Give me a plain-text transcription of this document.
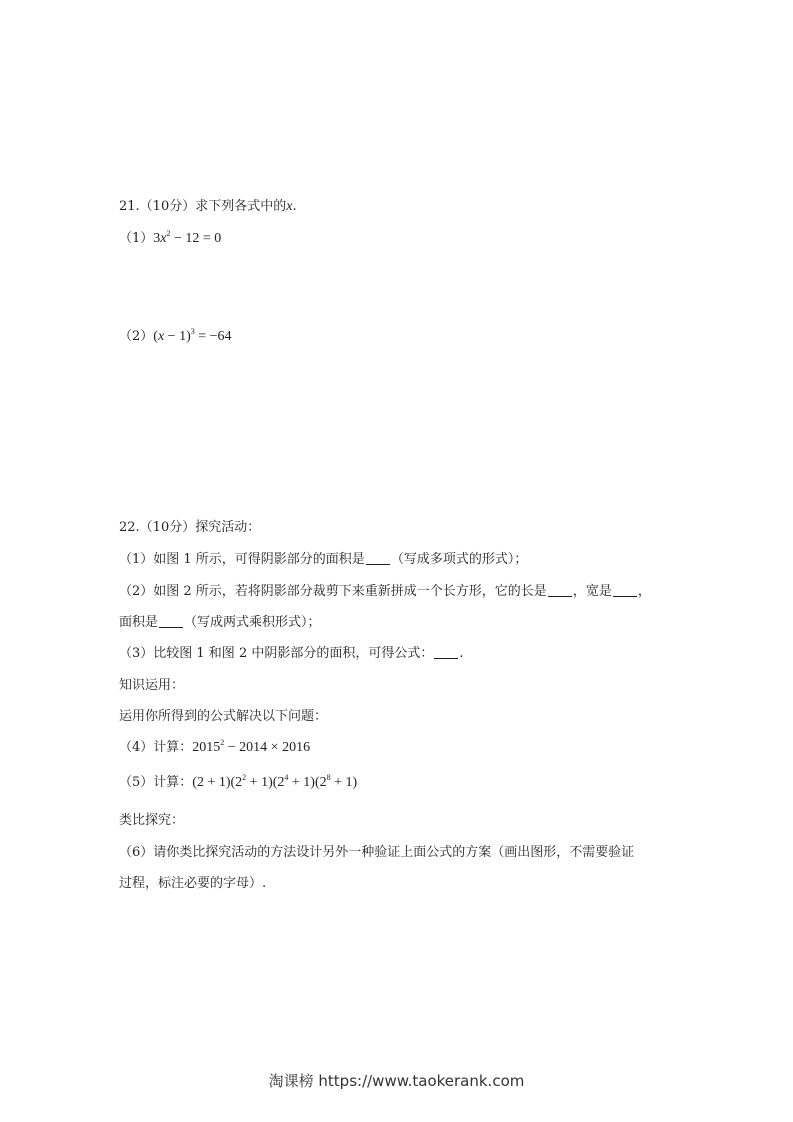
21.（10分）求下列各式中的x.
$(1)3x^2 - 12 = 0$
$(2)(x - 1)^3 = -64$
22.（10分）探究活动：
（1）如图 1 所示，可得阴影部分的面积是 （写成多项式的形式）；
（2）如图 2 所示，若将阴影部分裁剪下来重新拼成一个长方形，它的长是 ，宽是 ，
面积是 （写成两式乘积形式）；
（3）比较图 1 和图 2 中阴影部分的面积，可得公式： .
知识运用：
运用你所得到的公式解决以下问题：
（4）计算：$2015^2 - 2014 \times 2016$
（5）计算：$(2 + 1)(2^2 + 1)(2^4 + 1)(2^8 + 1)$
类比探究：
（6）请你类比探究活动的方法设计另外一种验证上面公式的方案（画出图形，不需要验证
过程，标注必要的字母）.
淘课榜 https://www.taokerank.com
